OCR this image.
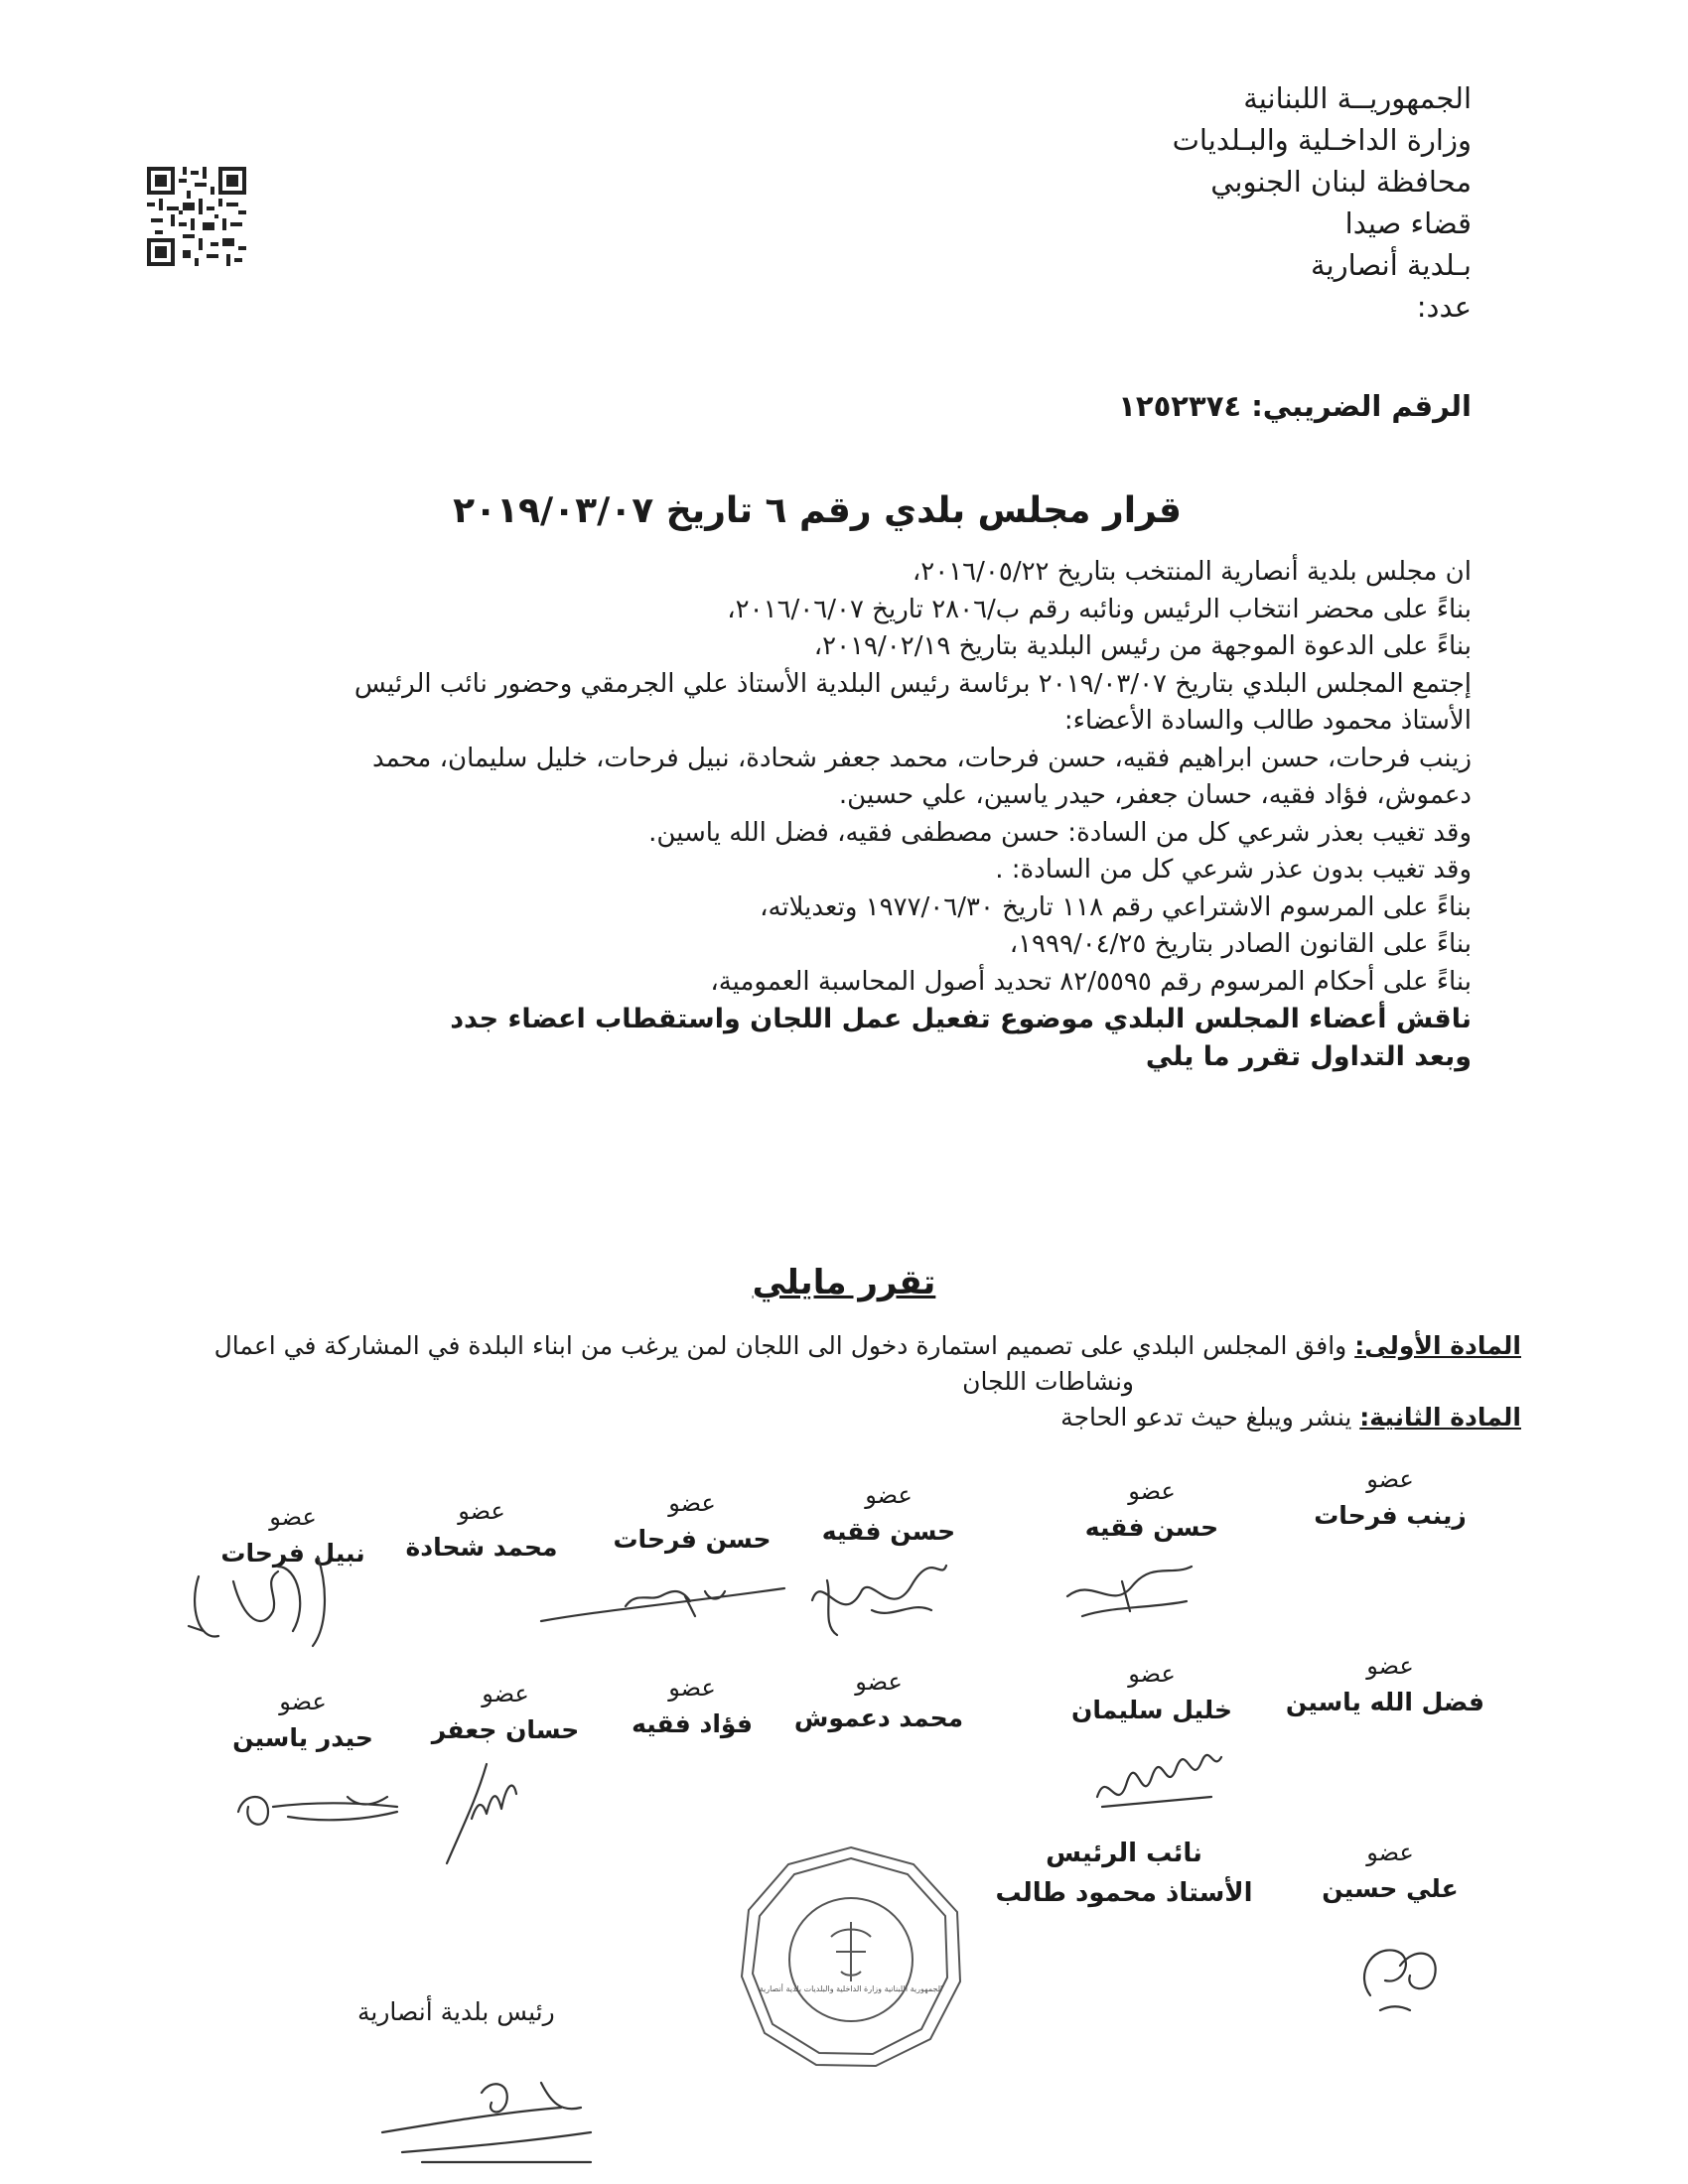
الجمهوريــة اللبنانية
وزارة الداخـلية والبـلديات
محافظة لبنان الجنوبي
قضاء صيدا
بـلدية أنصارية
عدد:
الرقم الضريبي: ١٢٥٢٣٧٤
قرار مجلس بلدي رقم ٦ تاريخ ٢٠١٩/٠٣/٠٧
ان مجلس بلدية أنصارية المنتخب بتاريخ ٢٠١٦/٠٥/٢٢،
بناءً على محضر انتخاب الرئيس ونائبه رقم ب/٢٨٠٦ تاريخ ٢٠١٦/٠٦/٠٧،
بناءً على الدعوة الموجهة من رئيس البلدية بتاريخ ٢٠١٩/٠٢/١٩،
إجتمع المجلس البلدي بتاريخ ٢٠١٩/٠٣/٠٧ برئاسة رئيس البلدية الأستاذ علي الجرمقي وحضور نائب الرئيس
الأستاذ محمود طالب والسادة الأعضاء:
زينب فرحات، حسن ابراهيم فقيه، حسن فرحات، محمد جعفر شحادة، نبيل فرحات، خليل سليمان، محمد
دعموش، فؤاد فقيه، حسان جعفر، حيدر ياسين، علي حسين.
وقد تغيب بعذر شرعي كل من السادة: حسن مصطفى فقيه، فضل الله ياسين.
وقد تغيب بدون عذر شرعي كل من السادة: .
بناءً على المرسوم الاشتراعي رقم ١١٨ تاريخ ١٩٧٧/٠٦/٣٠ وتعديلاته،
بناءً على القانون الصادر بتاريخ ١٩٩٩/٠٤/٢٥،
بناءً على أحكام المرسوم رقم ٨٢/٥٥٩٥ تحديد أصول المحاسبة العمومية،
ناقش أعضاء المجلس البلدي موضوع تفعيل عمل اللجان واستقطاب اعضاء جدد
وبعد التداول تقرر ما يلي
تقرر مايلي
المادة الأولى: وافق المجلس البلدي على تصميم استمارة دخول الى اللجان لمن يرغب من ابناء البلدة في المشاركة في اعمال
ونشاطات اللجان
المادة الثانية: ينشر ويبلغ حيث تدعو الحاجة
عضو
زينب فرحات
عضو
حسن فقيه
عضو
حسن فقيه
عضو
حسن فرحات
عضو
محمد شحادة
عضو
نبيل فرحات
عضو
فضل الله ياسين
عضو
خليل سليمان
عضو
محمد دعموش
عضو
فؤاد فقيه
عضو
حسان جعفر
عضو
حيدر ياسين
عضو
علي حسين
نائب الرئيس
الأستاذ محمود طالب
رئيس بلدية أنصارية
الجمهورية اللبنانية وزارة الداخلية والبلديات بلدية أنصارية
